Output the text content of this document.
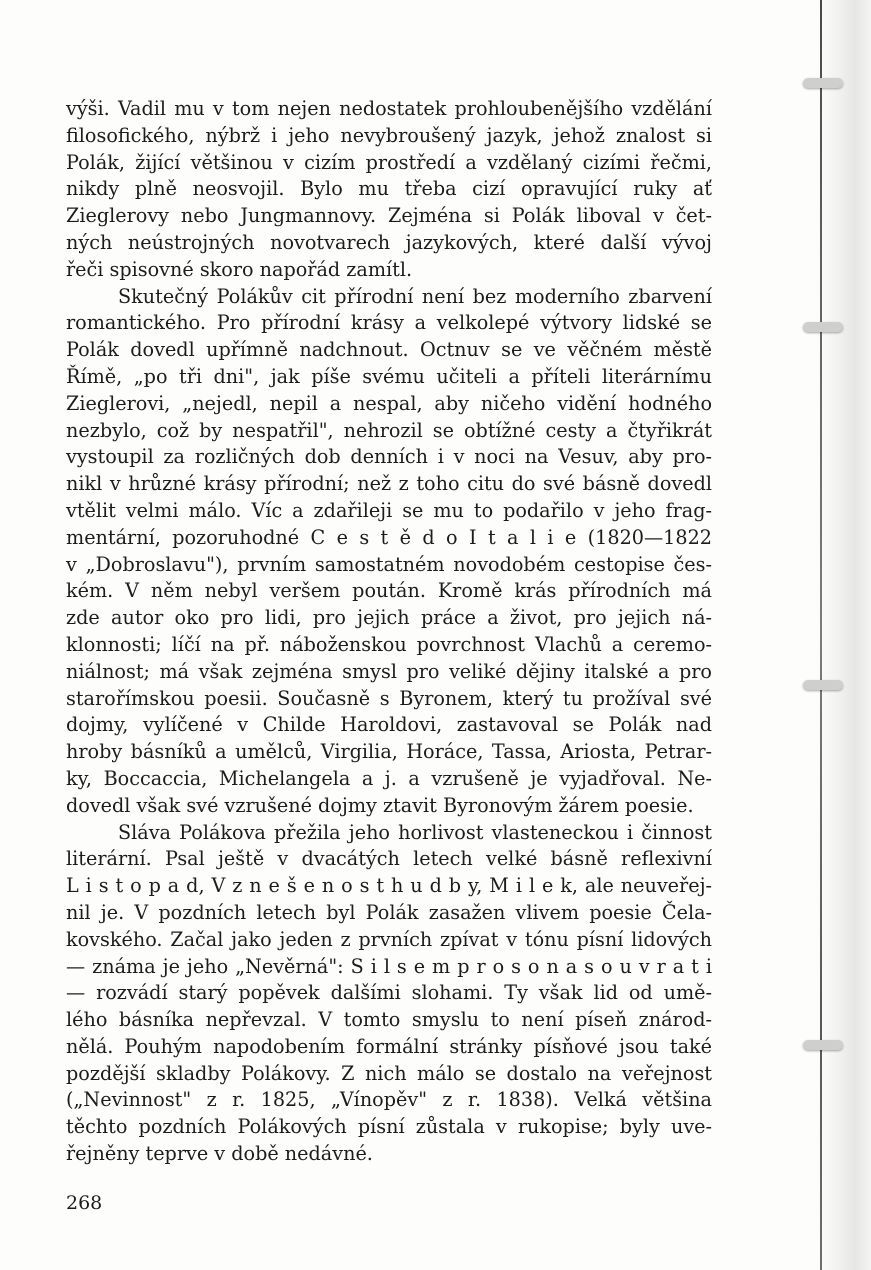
výši. Vadil mu v tom nejen nedostatek prohloubenějšího vzdělání
filosofického, nýbrž i jeho nevybroušený jazyk, jehož znalost si
Polák, žijící většinou v cizím prostředí a vzdělaný cizími řečmi,
nikdy plně neosvojil. Bylo mu třeba cizí opravující ruky ať
Zieglerovy nebo Jungmannovy. Zejména si Polák liboval v čet-
ných neústrojných novotvarech jazykových, které další vývoj
řeči spisovné skoro napořád zamítl.
Skutečný Polákův cit přírodní není bez moderního zbarvení
romantického. Pro přírodní krásy a velkolepé výtvory lidské se
Polák dovedl upřímně nadchnout. Octnuv se ve věčném městě
Římě, „po tři dni", jak píše svému učiteli a příteli literárnímu
Zieglerovi, „nejedl, nepil a nespal, aby ničeho vidění hodného
nezbylo, což by nespatřil", nehrozil se obtížné cesty a čtyřikrát
vystoupil za rozličných dob denních i v noci na Vesuv, aby pro-
nikl v hrůzné krásy přírodní; než z toho citu do své básně dovedl
vtělit velmi málo. Víc a zdařileji se mu to podařilo v jeho frag-
mentární, pozoruhodné C e s t ě d o I t a l i e (1820—1822
v „Dobroslavu"), prvním samostatném novodobém cestopise čes-
kém. V něm nebyl veršem poután. Kromě krás přírodních má
zde autor oko pro lidi, pro jejich práce a život, pro jejich ná-
klonnosti; líčí na př. náboženskou povrchnost Vlachů a ceremo-
niálnost; má však zejména smysl pro veliké dějiny italské a pro
starořímskou poesii. Současně s Byronem, který tu prožíval své
dojmy, vylíčené v Childe Haroldovi, zastavoval se Polák nad
hroby básníků a umělců, Virgilia, Horáce, Tassa, Ariosta, Petrar-
ky, Boccaccia, Michelangela a j. a vzrušeně je vyjadřoval. Ne-
dovedl však své vzrušené dojmy ztavit Byronovým žárem poesie.
Sláva Polákova přežila jeho horlivost vlasteneckou i činnost
literární. Psal ještě v dvacátých letech velké básně reflexivní
L i s t o p a d, V z n e š e n o s t h u d b y, M i l e k, ale neuveřej-
nil je. V pozdních letech byl Polák zasažen vlivem poesie Čela-
kovského. Začal jako jeden z prvních zpívat v tónu písní lidových
— známa je jeho „Nevěrná": S i l s e m p r o s o n a s o u v r a t i
— rozvádí starý popěvek dalšími slohami. Ty však lid od umě-
lého básníka nepřevzal. V tomto smyslu to není píseň znárod-
nělá. Pouhým napodobením formální stránky písňové jsou také
pozdější skladby Polákovy. Z nich málo se dostalo na veřejnost
(„Nevinnost" z r. 1825, „Vínopěv" z r. 1838). Velká většina
těchto pozdních Polákových písní zůstala v rukopise; byly uve-
řejněny teprve v době nedávné.
268
